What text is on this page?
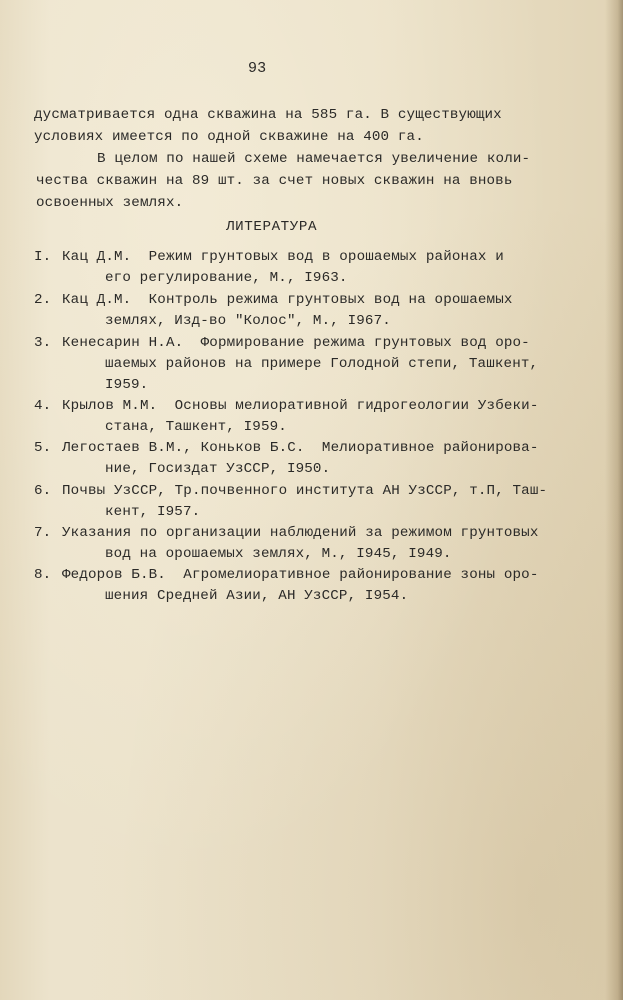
93
дусматривается одна скважина на 585 га. В существующих
условиях имеется по одной скважине на 400 га.
В целом по нашей схеме намечается увеличение коли-
чества скважин на 89 шт. за счет новых скважин на вновь
освоенных землях.
ЛИТЕРАТУРА
I. Кац Д.М.  Режим грунтовых вод в орошаемых районах и
его регулирование, М., I963.
2. Кац Д.М.  Контроль режима грунтовых вод на орошаемых
землях, Изд-во "Колос", М., I967.
3. Кенесарин Н.А.  Формирование режима грунтовых вод оро-
шаемых районов на примере Голодной степи, Ташкент,
I959.
4. Крылов М.М.  Основы мелиоративной гидрогеологии Узбеки-
стана, Ташкент, I959.
5. Легостаев В.М., Коньков Б.С.  Мелиоративное районирова-
ние, Госиздат УзССР, I950.
6. Почвы УзССР, Тр.почвенного института АН УзССР, т.П, Таш-
кент, I957.
7. Указания по организации наблюдений за режимом грунтовых
вод на орошаемых землях, М., I945, I949.
8. Федоров Б.В.  Агромелиоративное районирование зоны оро-
шения Средней Азии, АН УзССР, I954.
